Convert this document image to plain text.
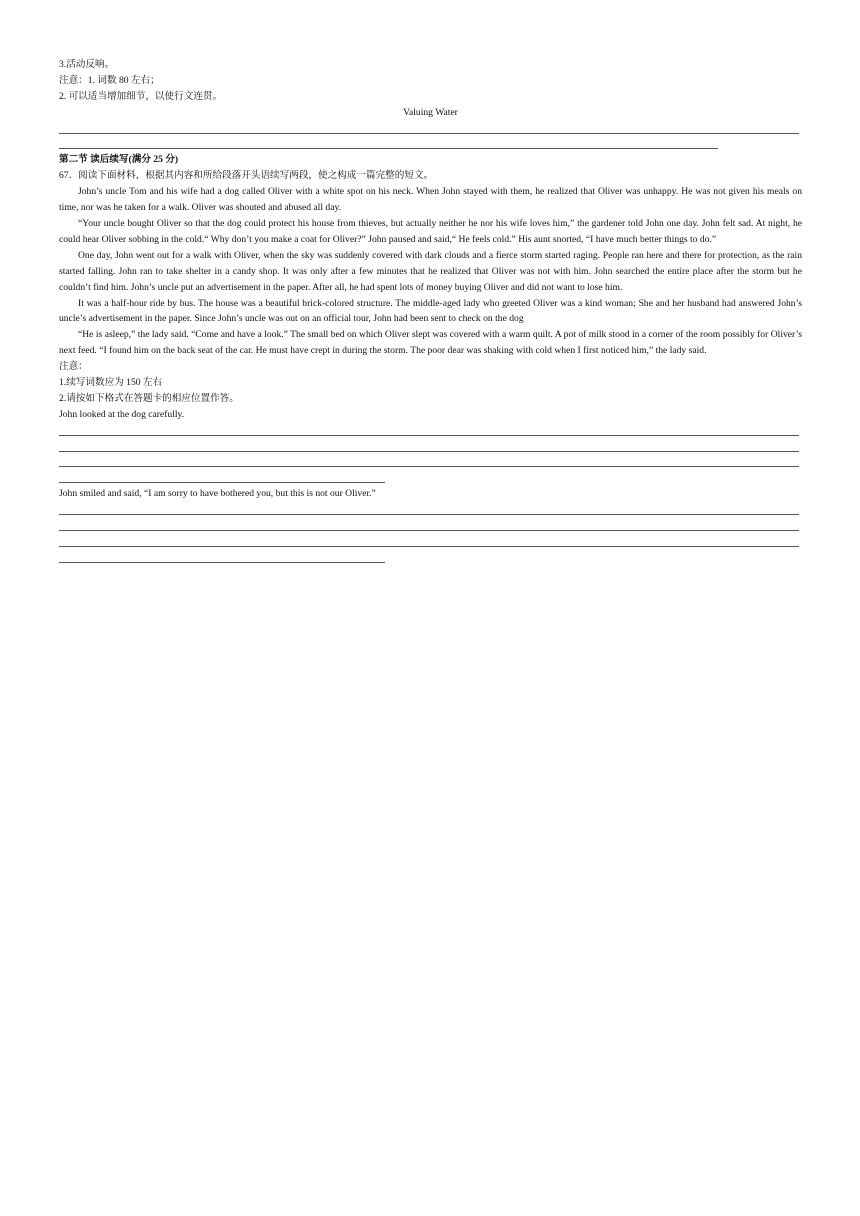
3.活动反响。
注意：1. 词数 80 左右；
2. 可以适当增加细节，以使行文连贯。
Valuing Water
第二节 读后续写(满分 25 分)
67．阅读下面材料，根据其内容和所给段落开头语续写两段，使之构成一篇完整的短文。

John’s uncle Tom and his wife had a dog called Oliver with a white spot on his neck. When John stayed with them, he realized that Oliver was unhappy. He was not given his meals on time, nor was he taken for a walk. Oliver was shouted and abused all day.

“Your uncle bought Oliver so that the dog could protect his house from thieves, but actually neither he nor his wife loves him,” the gardener told John one day. John felt sad. At night, he could hear Oliver sobbing in the cold.“ Why don’t you make a coat for Oliver?” John paused and said,“ He feels cold.” His aunt snorted, “I have much better things to do.”

One day, John went out for a walk with Oliver, when the sky was suddenly covered with dark clouds and a fierce storm started raging. People ran here and there for protection, as the rain started falling. John ran to take shelter in a candy shop. It was only after a few minutes that he realized that Oliver was not with him. John searched the entire place after the storm but he couldn’t find him. John’s uncle put an advertisement in the paper. After all, he had spent lots of money buying Oliver and did not want to lose him.

It was a half-hour ride by bus. The house was a beautiful brick-colored structure. The middle-aged lady who greeted Oliver was a kind woman; She and her husband had answered John’s uncle’s advertisement in the paper. Since John’s uncle was out on an official tour, John had been sent to check on the dog

“He is asleep,” the lady said. “Come and have a look.” The small bed on which Oliver slept was covered with a warm quilt. A pot of milk stood in a corner of the room possibly for Oliver’s next feed. “I found him on the back seat of the car. He must have crept in during the storm. The poor dear was shaking with cold when I first noticed him,” the lady said.

注意：
1.续写词数应为 150 左右
2.请按如下格式在答题卡的相应位置作答。
John looked at the dog carefully.
John smiled and said, “I am sorry to have bothered you, but this is not our Oliver.”
